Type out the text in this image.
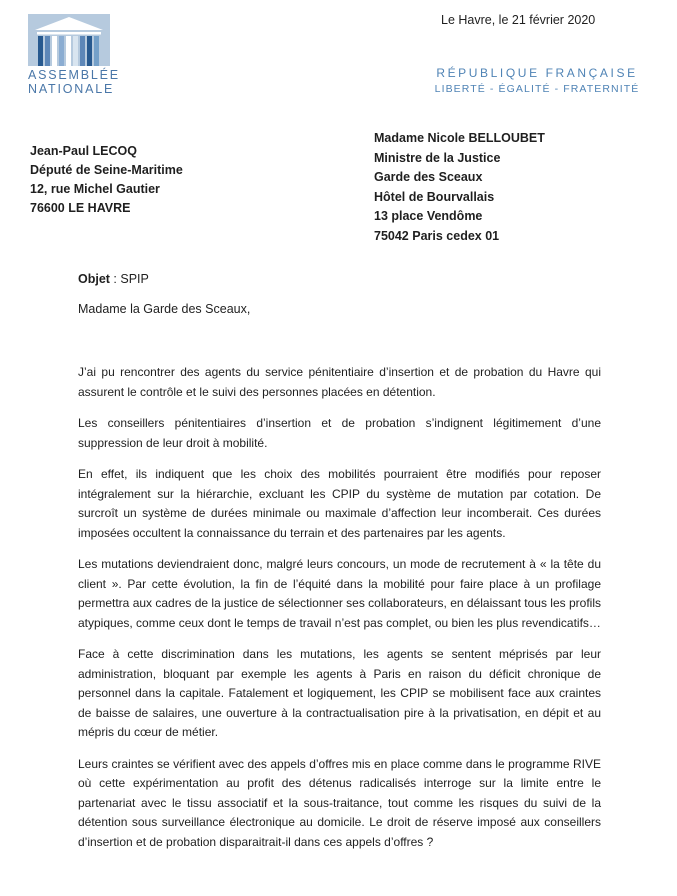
ASSEMBLÉE
NATIONALE
Le Havre, le 21 février 2020
RÉPUBLIQUE FRANÇAISE
LIBERTÉ - ÉGALITÉ - FRATERNITÉ
Jean-Paul LECOQ
Député de Seine-Maritime
12, rue Michel Gautier
76600 LE HAVRE
Madame Nicole BELLOUBET
Ministre de la Justice
Garde des Sceaux
Hôtel de Bourvallais
13 place Vendôme
75042 Paris cedex 01
Objet : SPIP
Madame la Garde des Sceaux,

J’ai pu rencontrer des agents du service pénitentiaire d’insertion et de probation du Havre qui assurent le contrôle et le suivi des personnes placées en détention.

Les conseillers pénitentiaires d’insertion et de probation s’indignent légitimement d’une suppression de leur droit à mobilité.

En effet, ils indiquent que les choix des mobilités pourraient être modifiés pour reposer intégralement sur la hiérarchie, excluant les CPIP du système de mutation par cotation. De surcroît un système de durées minimale ou maximale d’affection leur incomberait. Ces durées imposées occultent la connaissance du terrain et des partenaires par les agents.

Les mutations deviendraient donc, malgré leurs concours, un mode de recrutement à « la tête du client ». Par cette évolution, la fin de l’équité dans la mobilité pour faire place à un profilage permettra aux cadres de la justice de sélectionner ses collaborateurs, en délaissant tous les profils atypiques, comme ceux dont le temps de travail n’est pas complet, ou bien les plus revendicatifs…

Face à cette discrimination dans les mutations, les agents se sentent méprisés par leur administration, bloquant par exemple les agents à Paris en raison du déficit chronique de personnel dans la capitale. Fatalement et logiquement, les CPIP se mobilisent face aux craintes de baisse de salaires, une ouverture à la contractualisation pire à la privatisation, en dépit et au mépris du cœur de métier.

Leurs craintes se vérifient avec des appels d’offres mis en place comme dans le programme RIVE où cette expérimentation au profit des détenus radicalisés interroge sur la limite entre le partenariat avec le tissu associatif et la sous-traitance, tout comme les risques du suivi de la détention sous surveillance électronique au domicile. Le droit de réserve imposé aux conseillers d’insertion et de probation disparaitrait-il dans ces appels d’offres ?
